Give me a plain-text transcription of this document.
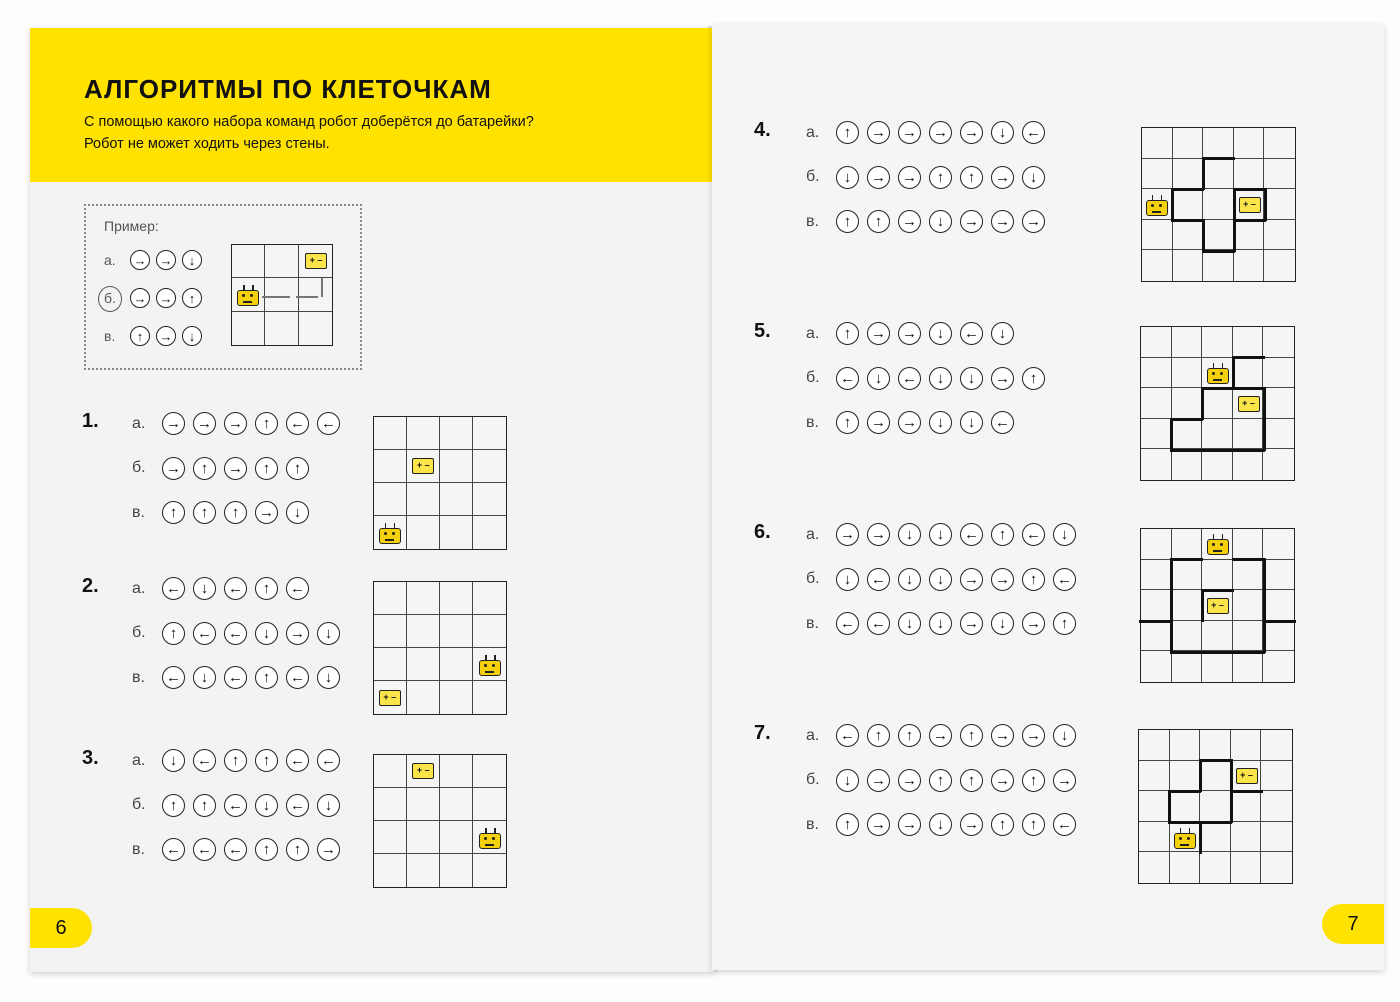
АЛГОРИТМЫ ПО КЛЕТОЧКАМ
С помощью какого набора команд робот доберётся до батарейки?
Робот не может ходить через стены.
Пример:
а.	→ →	↓
б.	→ →	↑
в.	↑	→	↓
6
+ –
1. а.	→ → →	↑	← ←
б.	→	↑	→	↑	↑
в.	↑	↑	↑	→	↓
+ –
2. а.	←	↓	←	↑	←
б.	↑	← ←	↓	→	↓
в.	←	↓	←	↑	←	↓
+ –
3. а.	↓	←	↑	↑	← ←
б.	↑	↑	←	↓	←	↓
в.	← ← ←	↑	↑	→
+ –
7
4. а.	↑	→ → → →	↓	←
б.	↓	→ →	↑	↑	→	↓
в.	↑	↑	→	↓	→ → →
+ –
5. а.	↑	→ →	↓	←	↓
б.	←	↓	←	↓	↓	→	↑
в.	↑	→ →	↓	↓	←
+ –
6. а.	→ →	↓	↓	←	↑	←	↓
б.	↓	←	↓	↓	→ →	↑	←
в.	← ←	↓	↓	→	↓	→	↑
+ –
7. а.	←	↑	↑	→	↑	→ →	↓
б.	↓	→ →	↑	↑	→	↑	→
в.	↑	→ →	↓	→	↑	↑	←
+ –
